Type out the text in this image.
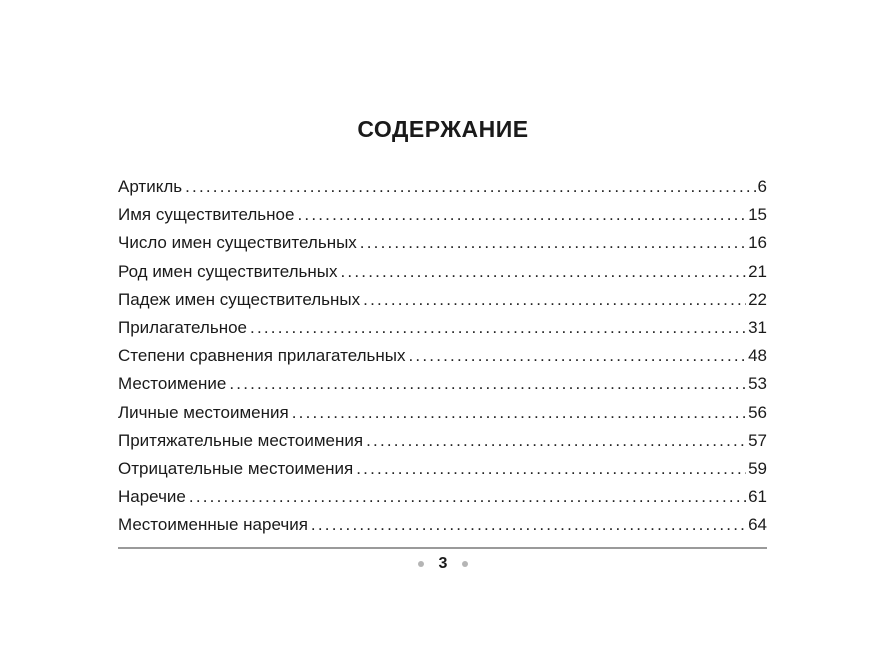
СОДЕРЖАНИЕ
Артикль .....	6
Имя существительное .....	15
Число имен существительных .....	16
Род имен существительных .....	21
Падеж имен существительных .....	22
Прилагательное .....	31
Степени сравнения прилагательных .....	48
Местоимение .....	53
Личные местоимения .....	56
Притяжательные местоимения .....	57
Отрицательные местоимения .....	59
Наречие .....	61
Местоименные наречия .....	64
3
